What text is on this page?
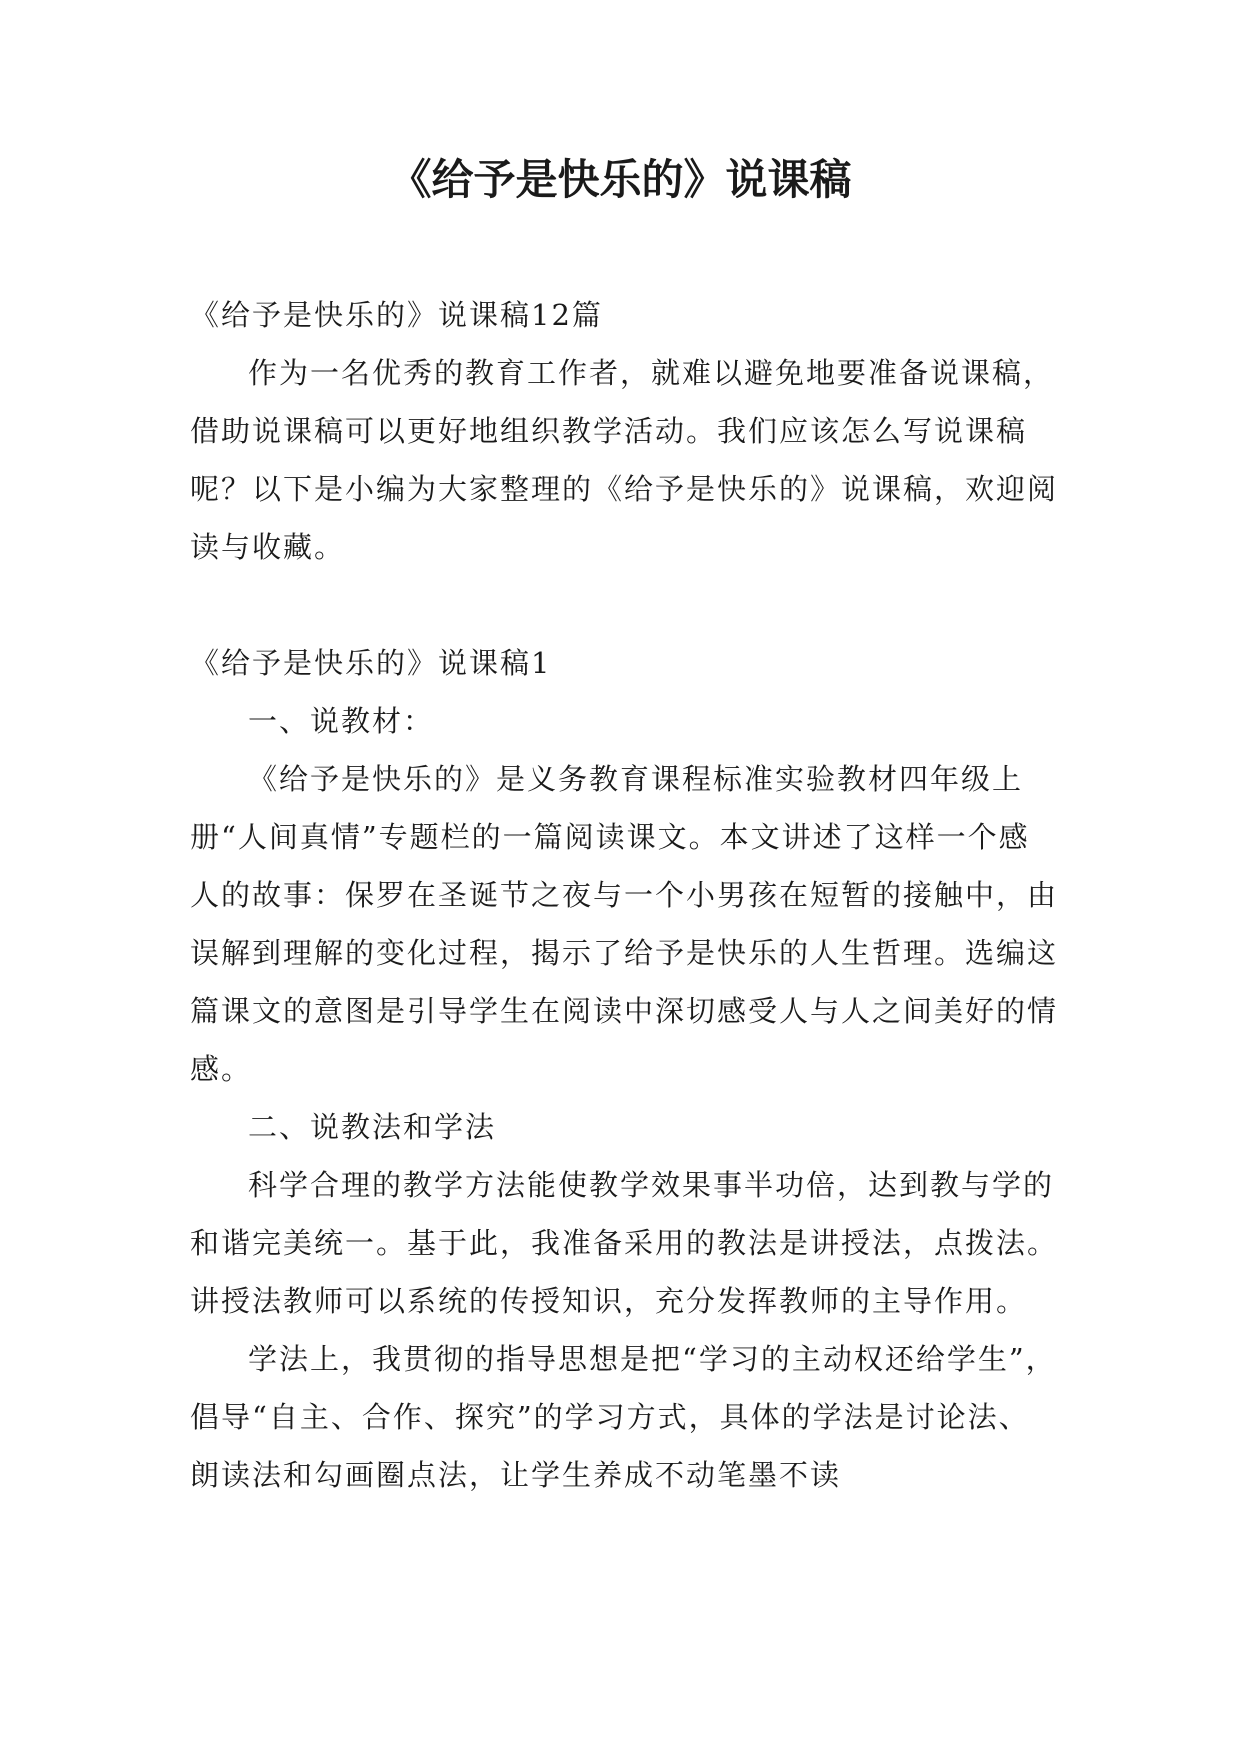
《给予是快乐的》说课稿

《给予是快乐的》说课稿12篇

作为一名优秀的教育工作者，就难以避免地要准备说课稿，借助说课稿可以更好地组织教学活动。我们应该怎么写说课稿呢？以下是小编为大家整理的《给予是快乐的》说课稿，欢迎阅读与收藏。

《给予是快乐的》说课稿1

一、说教材：

《给予是快乐的》是义务教育课程标准实验教材四年级上册“人间真情”专题栏的一篇阅读课文。本文讲述了这样一个感人的故事：保罗在圣诞节之夜与一个小男孩在短暂的接触中，由误解到理解的变化过程，揭示了给予是快乐的人生哲理。选编这篇课文的意图是引导学生在阅读中深切感受人与人之间美好的情感。

二、说教法和学法

科学合理的教学方法能使教学效果事半功倍，达到教与学的和谐完美统一。基于此，我准备采用的教法是讲授法，点拨法。讲授法教师可以系统的传授知识，充分发挥教师的主导作用。

学法上，我贯彻的指导思想是把“学习的主动权还给学生”，倡导“自主、合作、探究”的学习方式，具体的学法是讨论法、朗读法和勾画圈点法，让学生养成不动笔墨不读
